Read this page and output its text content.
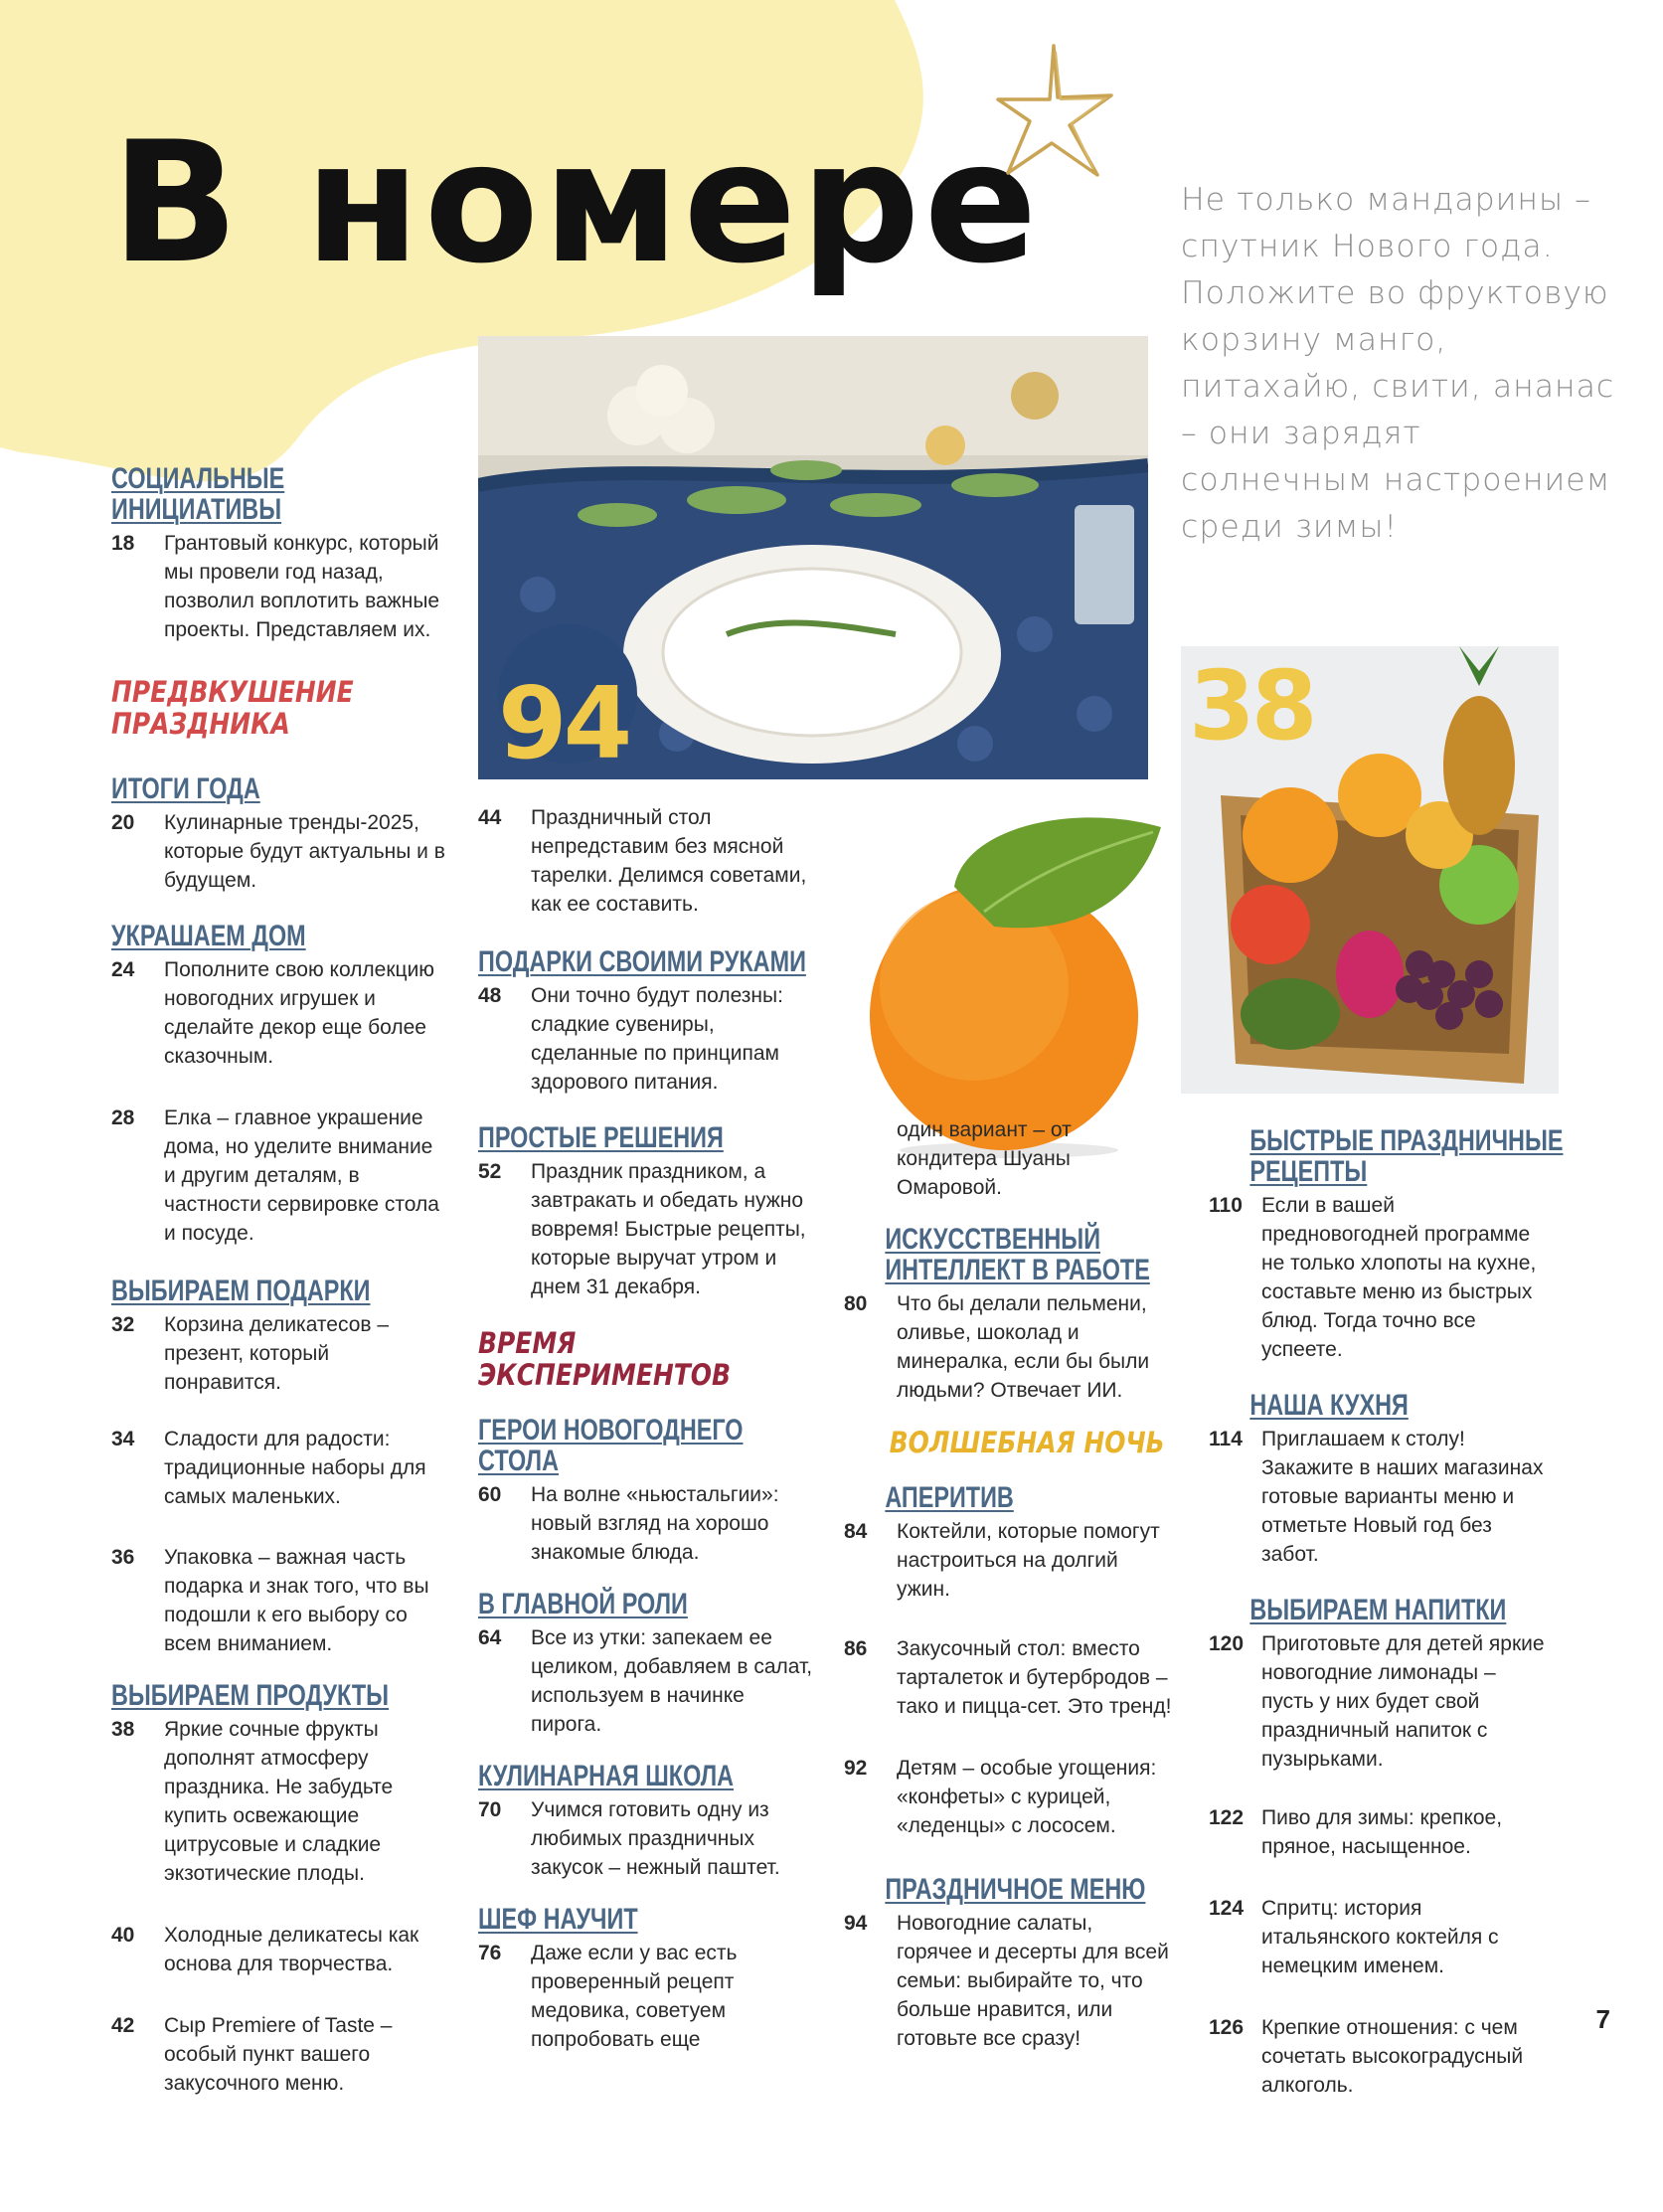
В номере	Не только мандарины – спутник Нового года. Положите во фруктовую корзину манго, питахайю, свити, ананас – они зарядят солнечным настроением среди зимы!

94	38
СОЦИАЛЬНЫЕ ИНИЦИАТИВЫ
18 Грантовый конкурс, который мы провели год назад, позволил воплотить важные проекты. Представляем их.

ПРЕДВКУШЕНИЕ ПРАЗДНИКА
ИТОГИ ГОДА
20 Кулинарные тренды-2025, которые будут актуальны и в будущем.

УКРАШАЕМ ДОМ
24 Пополните свою коллекцию новогодних игрушек и сделайте декор еще более сказочным.

28 Елка – главное украшение дома, но уделите внимание и другим деталям, в частности сервировке стола и посуде.

ВЫБИРАЕМ ПОДАРКИ
32 Корзина деликатесов – презент, который понравится.

34 Сладости для радости: традиционные наборы для самых маленьких.

36 Упаковка – важная часть подарка и знак того, что вы подошли к его выбору со всем вниманием.

ВЫБИРАЕМ ПРОДУКТЫ
38 Яркие сочные фрукты дополнят атмосферу праздника. Не забудьте купить освежающие цитрусовые и сладкие экзотические плоды.

40 Холодные деликатесы как основа для творчества.

42 Сыр Premiere of Taste – особый пункт вашего закусочного меню.

44 Праздничный стол непредставим без мясной тарелки. Делимся советами, как ее составить.

ПОДАРКИ СВОИМИ РУКАМИ
48 Они точно будут полезны: сладкие сувениры, сделанные по принципам здорового питания.

ПРОСТЫЕ РЕШЕНИЯ
52 Праздник праздником, а завтракать и обедать нужно вовремя! Быстрые рецепты, которые выручат утром и днем 31 декабря.

ВРЕМЯ ЭКСПЕРИМЕНТОВ
ГЕРОИ НОВОГОДНЕГО СТОЛА
60 На волне «ньюстальгии»: новый взгляд на хорошо знакомые блюда.

В ГЛАВНОЙ РОЛИ
64 Все из утки: запекаем ее целиком, добавляем в салат, используем в начинке пирога.

КУЛИНАРНАЯ ШКОЛА
70 Учимся готовить одну из любимых праздничных закусок – нежный паштет.

ШЕФ НАУЧИТ
76 Даже если у вас есть проверенный рецепт медовика, советуем попробовать еще

один вариант – от кондитера Шуаны Омаровой.

ИСКУССТВЕННЫЙ ИНТЕЛЛЕКТ В РАБОТЕ
80 Что бы делали пельмени, оливье, шоколад и минералка, если бы были людьми? Отвечает ИИ.

ВОЛШЕБНАЯ НОЧЬ
АПЕРИТИВ
84 Коктейли, которые помогут настроиться на долгий ужин.

86 Закусочный стол: вместо тарталеток и бутербродов – тако и пицца-сет. Это тренд!

92 Детям – особые угощения: «конфеты» с курицей, «леденцы» с лососем.

ПРАЗДНИЧНОЕ МЕНЮ
94 Новогодние салаты, горячее и десерты для всей семьи: выбирайте то, что больше нравится, или готовьте все сразу!

БЫСТРЫЕ ПРАЗДНИЧНЫЕ РЕЦЕПТЫ
110 Если в вашей предновогодней программе не только хлопоты на кухне, составьте меню из быстрых блюд. Тогда точно все успеете.

НАША КУХНЯ
114 Приглашаем к столу! Закажите в наших магазинах готовые варианты меню и отметьте Новый год без забот.

ВЫБИРАЕМ НАПИТКИ
120 Приготовьте для детей яркие новогодние лимонады – пусть у них будет свой праздничный напиток с пузырьками.

122 Пиво для зимы: крепкое, пряное, насыщенное.

124 Спритц: история итальянского коктейля с немецким именем.

126 Крепкие отношения: с чем сочетать высокоградусный алкоголь.

7
